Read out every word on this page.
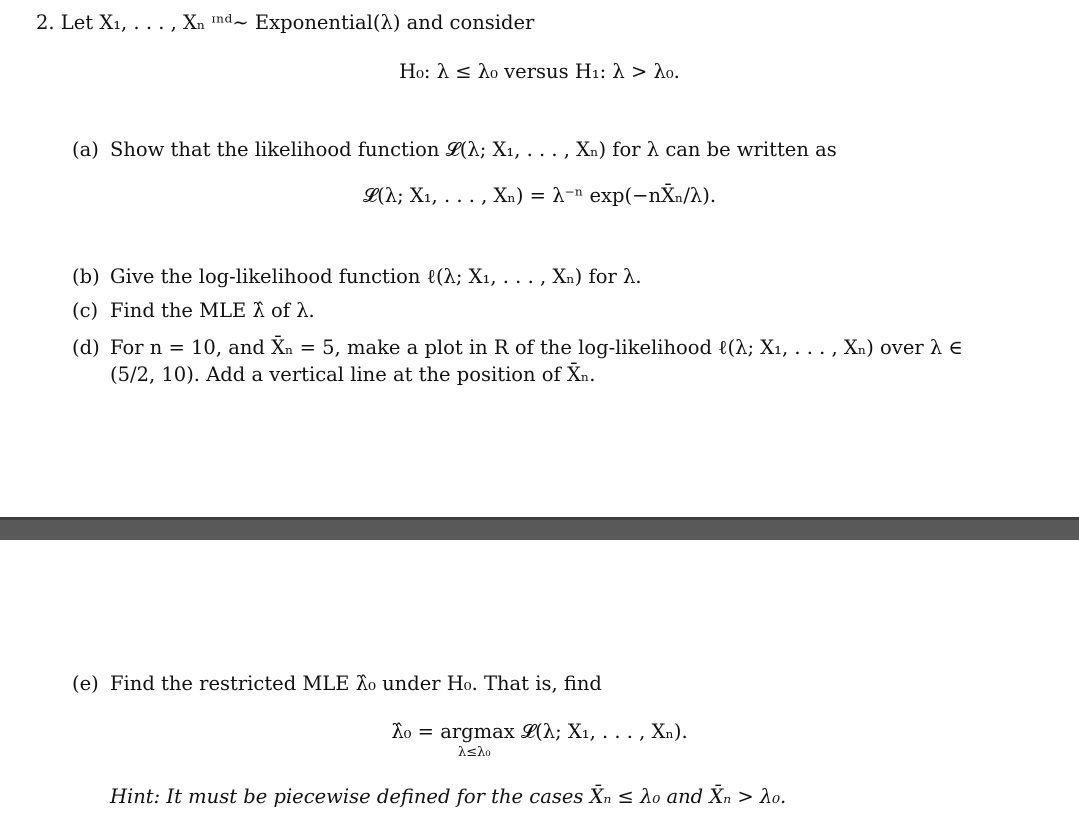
2. Let X₁, . . . , Xₙ ᶦⁿᵈ∼ Exponential(λ) and consider
H₀: λ ≤ λ₀ versus H₁: λ > λ₀.
(a) Show that the likelihood function 𝓛(λ; X₁, . . . , Xₙ) for λ can be written as
𝓛(λ; X₁, . . . , Xₙ) = λ⁻ⁿ exp(−nX̄ₙ/λ).
(b) Give the log-likelihood function ℓ(λ; X₁, . . . , Xₙ) for λ.
(c) Find the MLE λ̂ of λ.
(d) For n = 10, and X̄ₙ = 5, make a plot in R of the log-likelihood ℓ(λ; X₁, . . . , Xₙ) over λ ∈
(5/2, 10). Add a vertical line at the position of X̄ₙ.
(e) Find the restricted MLE λ̂₀ under H₀. That is, find
λ̂₀ = argmax 𝓛(λ; X₁, . . . , Xₙ).
λ≤λ₀
Hint: It must be piecewise defined for the cases X̄ₙ ≤ λ₀ and X̄ₙ > λ₀.
